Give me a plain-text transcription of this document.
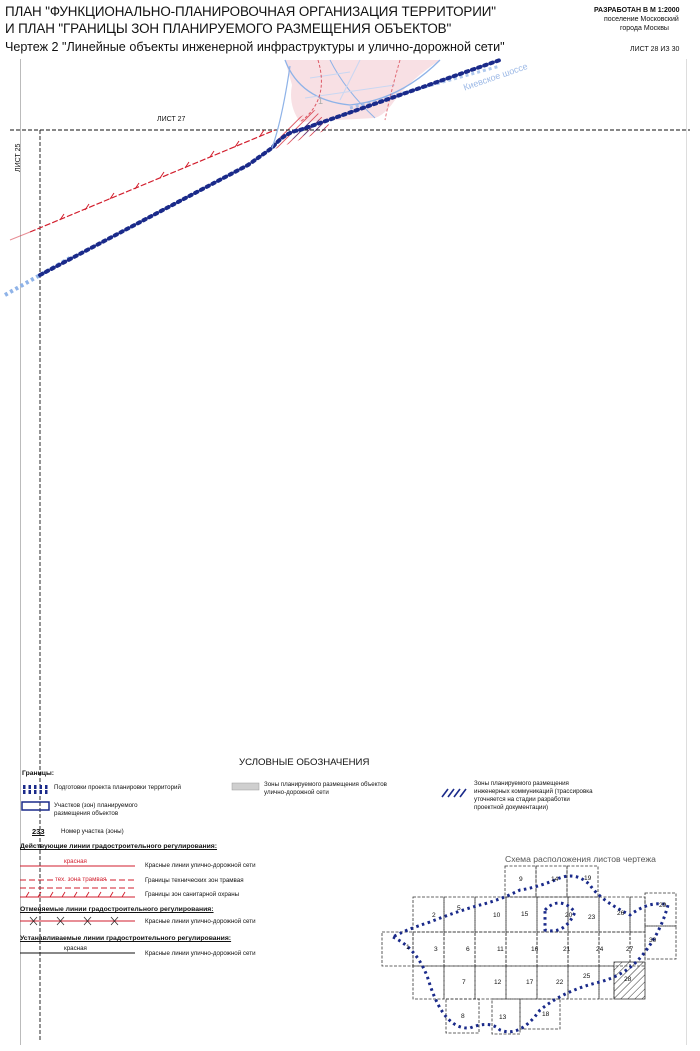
ПЛАН "ФУНКЦИОНАЛЬНО-ПЛАНИРОВОЧНАЯ ОРГАНИЗАЦИЯ ТЕРРИТОРИИ"
И ПЛАН "ГРАНИЦЫ ЗОН ПЛАНИРУЕМОГО РАЗМЕЩЕНИЯ ОБЪЕКТОВ"
Чертеж 2 "Линейные объекты инженерной инфраструктуры и улично-дорожной сети"
РАЗРАБОТАН В М 1:2000
поселение Московский
города Москвы
ЛИСТ 28 ИЗ 30
ЛИСТ 27
ЛИСТ 25
Киевское шоссе
1
УСЛОВНЫЕ ОБОЗНАЧЕНИЯ
Границы:
Подготовки проекта планировки территорий
Участков (зон) планируемого
размещения объектов
233	Номер участка (зоны)
Зоны планируемого размещения объектов
улично-дорожной сети
Зоны планируемого размещения
инженерных коммуникаций (трассировка
уточняется на стадии разработки
проектной документации)
Действующие линии градостроительного регулирования:
красная
Красные линии улично-дорожной сети
тех. зона трамвая	Границы технических зон трамвая
Границы зон санитарной охраны
Отменяемые линии градостроительного регулирования:
Красные линии улично-дорожной сети
Устанавливаемые линии градостроительного регулирования:
красная
Красные линии улично-дорожной сети
Схема расположения листов чертежа
1
2
3
5
6
7
8
9
10
11
12
13
14
15
16
17
18
19
20
21
22
23
24
25
26
27
28
29
30
